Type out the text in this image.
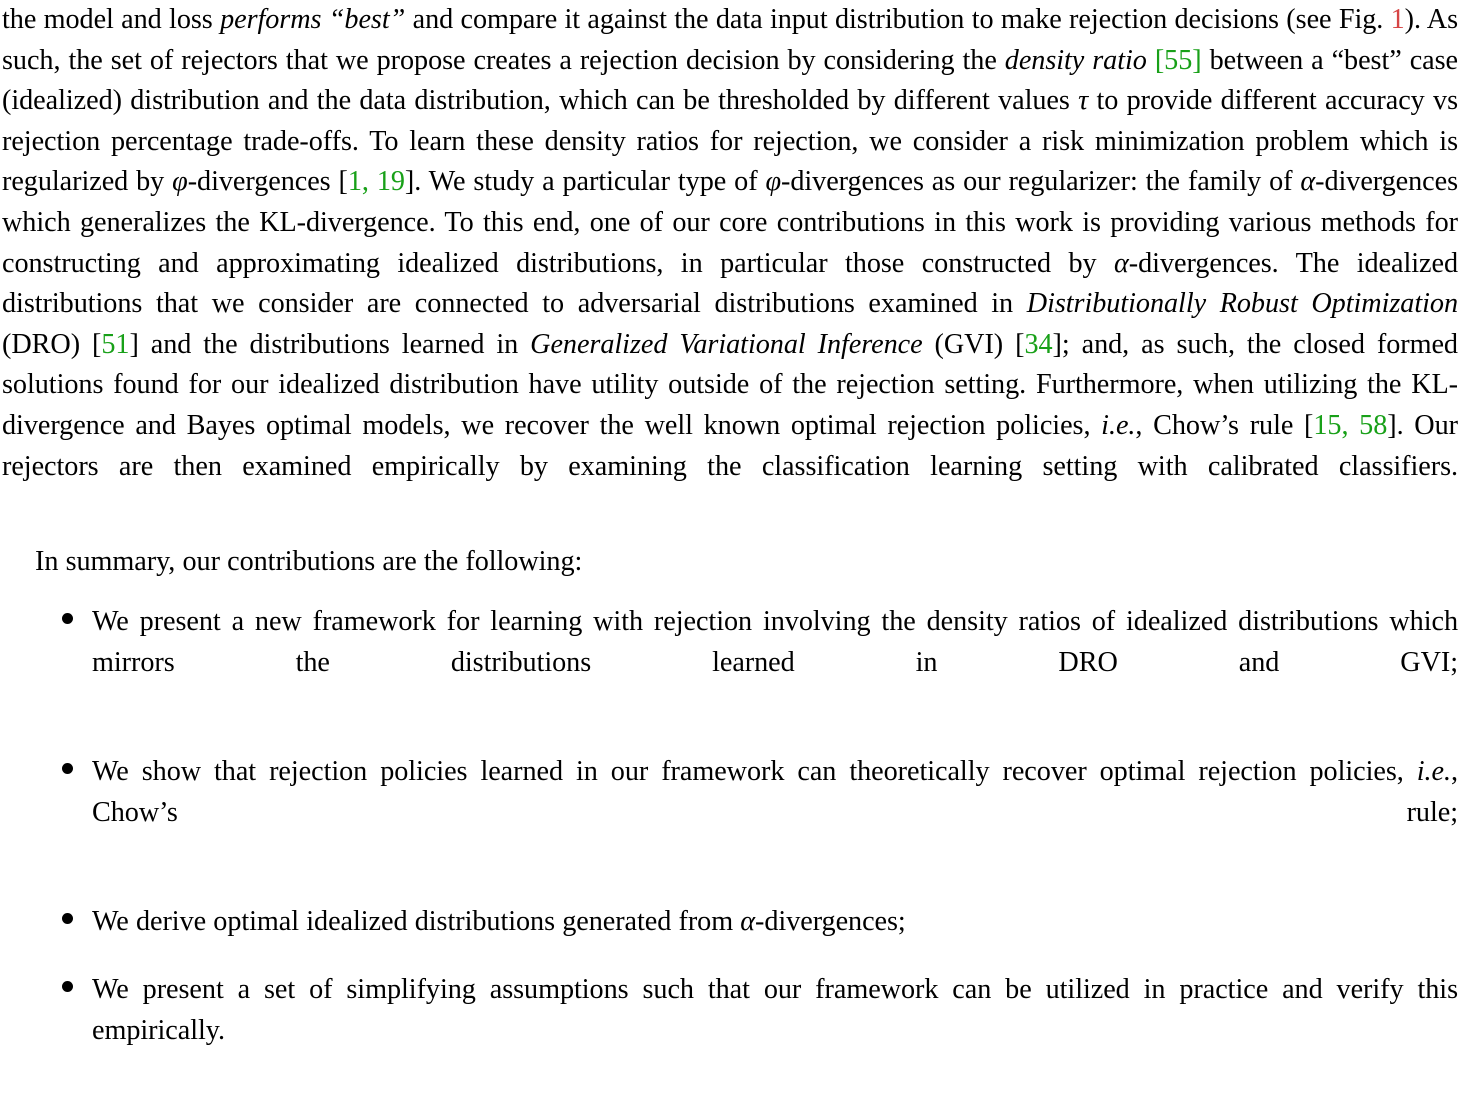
the model and loss performs “best” and compare it against the data input distribution to make rejection decisions (see Fig. 1). As such, the set of rejectors that we propose creates a rejection decision by considering the density ratio [55] between a “best” case (idealized) distribution and the data distribution, which can be thresholded by different values τ to provide different accuracy vs rejection percentage trade-offs. To learn these density ratios for rejection, we consider a risk minimization problem which is regularized by φ-divergences [1, 19]. We study a particular type of φ-divergences as our regularizer: the family of α-divergences which generalizes the KL-divergence. To this end, one of our core contributions in this work is providing various methods for constructing and approximating idealized distributions, in particular those constructed by α-divergences. The idealized distributions that we consider are connected to adversarial distributions examined in Distributionally Robust Optimization (DRO) [51] and the distributions learned in Generalized Variational Inference (GVI) [34]; and, as such, the closed formed solutions found for our idealized distribution have utility outside of the rejection setting. Furthermore, when utilizing the KL-divergence and Bayes optimal models, we recover the well known optimal rejection policies, i.e., Chow’s rule [15, 58]. Our rejectors are then examined empirically by examining the classification learning setting with calibrated classifiers.

In summary, our contributions are the following:

We present a new framework for learning with rejection involving the density ratios of idealized distributions which mirrors the distributions learned in DRO and GVI;
We show that rejection policies learned in our framework can theoretically recover optimal rejection policies, i.e., Chow’s rule;
We derive optimal idealized distributions generated from α-divergences;
We present a set of simplifying assumptions such that our framework can be utilized in practice and verify this empirically.
